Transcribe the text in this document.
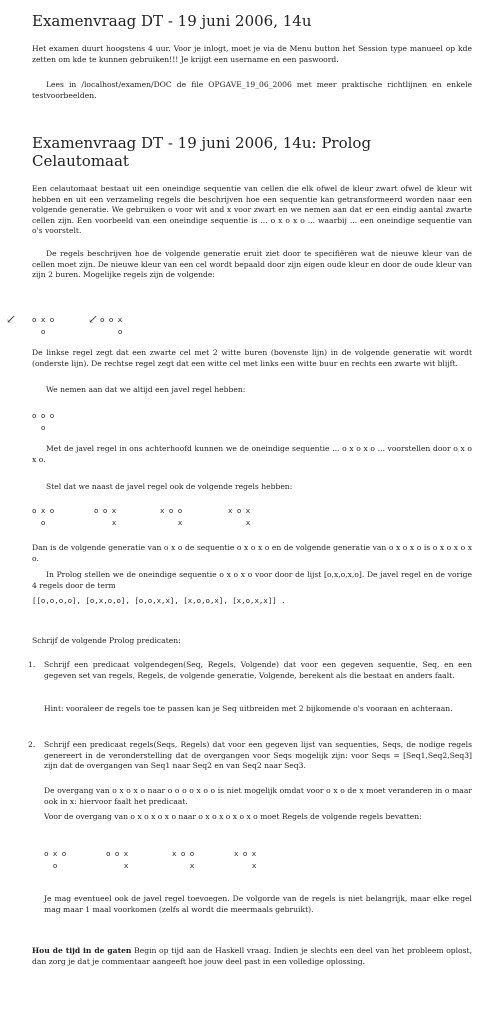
Examenvraag DT - 19 juni 2006, 14u

Het examen duurt hoogstens 4 uur. Voor je inlogt, moet je via de Menu button het Session type manueel op kde zetten om kde te kunnen gebruiken!!! Je krijgt een username en een paswoord.

Lees in /localhost/examen/DOC de file OPGAVE_19_06_2006 met meer praktische richtlijnen en enkele testvoorbeelden.

Examenvraag DT - 19 juni 2006, 14u: Prolog
Celautomaat

Een celautomaat bestaat uit een oneindige sequentie van cellen die elk ofwel de kleur zwart ofwel de kleur wit hebben en uit een verzameling regels die beschrijven hoe een sequentie kan getransformeerd worden naar een volgende generatie. We gebruiken o voor wit and x voor zwart en we nemen aan dat er een eindig aantal zwarte cellen zijn. Een voorbeeld van een oneindige sequentie is ... o x o x o ... waarbij ... een oneindige sequentie van o's voorstelt.

De regels beschrijven hoe de volgende generatie eruit ziet door te specifiëren wat de nieuwe kleur van de cellen moet zijn. De nieuwe kleur van een cel wordt bepaald door zijn eigen oude kleur en door de oude kleur van zijn 2 buren. Mogelijke regels zijn de volgende:

↙	↙
o x o
o
o o x
o

De linkse regel zegt dat een zwarte cel met 2 witte buren (bovenste lijn) in de volgende generatie wit wordt (onderste lijn). De rechtse regel zegt dat een witte cel met links een witte buur en rechts een zwarte wit blijft.

We nemen aan dat we altijd een javel regel hebben:

o o o
o

Met de javel regel in ons achterhoofd kunnen we de oneindige sequentie ... o x o x o ... voorstellen door o x o x o.

Stel dat we naast de javel regel ook de volgende regels hebben:

o x o
o
o o x
x
x o o
x
x o x
x

Dan is de volgende generatie van o x o de sequentie o x o x o en de volgende generatie van o x o x o is o x o x o x o.

In Prolog stellen we de oneindige sequentie o x o x o voor door de lijst [o,x,o,x,o]. De javel regel en de vorige 4 regels door de term

[[o,o,o,o], [o,x,o,o], [o,o,x,x], [x,o,o,x], [x,o,x,x]] .

Schrijf de volgende Prolog predicaten:

1. Schrijf een predicaat volgendegen(Seq, Regels, Volgende) dat voor een gegeven sequentie, Seq, en een gegeven set van regels, Regels, de volgende generatie, Volgende, berekent als die bestaat en anders faalt.
Hint: vooraleer de regels toe te passen kan je Seq uitbreiden met 2 bijkomende o's vooraan en achteraan.
2. Schrijf een predicaat regels(Seqs, Regels) dat voor een gegeven lijst van sequenties, Seqs, de nodige regels genereert in de veronderstelling dat de overgangen voor Seqs mogelijk zijn: voor Seqs = [Seq1,Seq2,Seq3] zijn dat de overgangen van Seq1 naar Seq2 en van Seq2 naar Seq3.
De overgang van o x o x o naar o o o o x o o is niet mogelijk omdat voor o x o de x moet veranderen in o maar ook in x: hiervoor faalt het predicaat.
Voor de overgang van o x o x o x o naar o x o x o x o x o moet Regels de volgende regels bevatten:
o x o
o
o o x
x
x o o
x
x o x
x
Je mag eventueel ook de javel regel toevoegen. De volgorde van de regels is niet belangrijk, maar elke regel mag maar 1 maal voorkomen (zelfs al wordt die meermaals gebruikt).

Hou de tijd in de gaten Begin op tijd aan de Haskell vraag. Indien je slechts een deel van het probleem oplost, dan zorg je dat je commentaar aangeeft hoe jouw deel past in een volledige oplossing.
